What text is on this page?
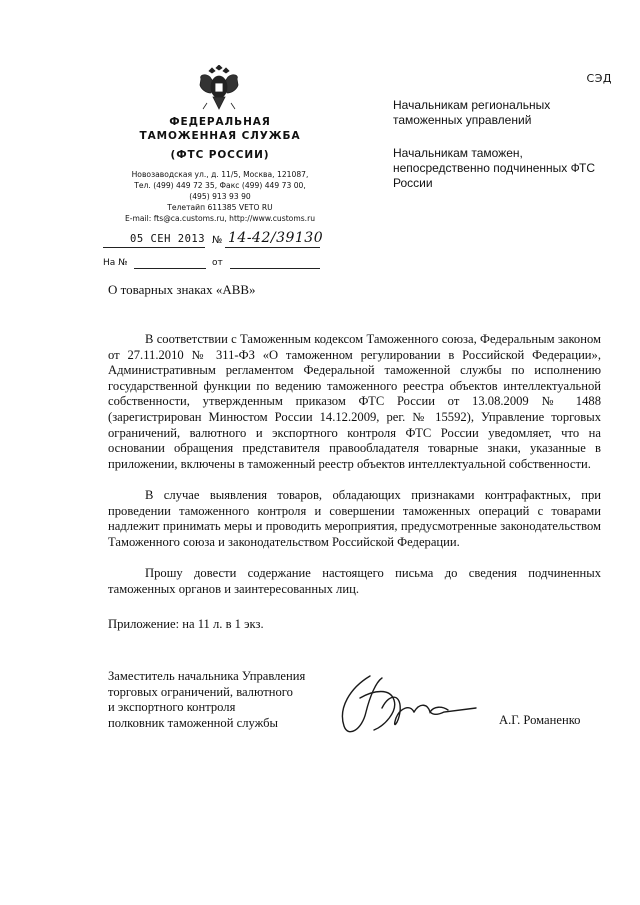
СЭД
ФЕДЕРАЛЬНАЯ
ТАМОЖЕННАЯ СЛУЖБА
(ФТС РОССИИ)
Новозаводская ул., д. 11/5, Москва, 121087,
Тел. (499) 449 72 35, Факс (499) 449 73 00,
(495) 913 93 90
Телетайп 611385 VETO RU
E-mail: fts@ca.customs.ru, http://www.customs.ru
05 СЕН 2013 № 14-42/39130
На №	от
Начальникам региональных таможенных управлений
Начальникам таможен, непосредственно подчиненных ФТС России
О товарных знаках «АВВ»

В соответствии с Таможенным кодексом Таможенного союза, Федеральным законом от 27.11.2010 № 311-ФЗ «О таможенном регулировании в Российской Федерации», Административным регламентом Федеральной таможенной службы по исполнению государственной функции по ведению таможенного реестра объектов интеллектуальной собственности, утвержденным приказом ФТС России от 13.08.2009 № 1488 (зарегистрирован Минюстом России 14.12.2009, рег. № 15592), Управление торговых ограничений, валютного и экспортного контроля ФТС России уведомляет, что на основании обращения представителя правообладателя товарные знаки, указанные в приложении, включены в таможенный реестр объектов интеллектуальной собственности.

В случае выявления товаров, обладающих признаками контрафактных, при проведении таможенного контроля и совершении таможенных операций с товарами надлежит принимать меры и проводить мероприятия, предусмотренные законодательством Таможенного союза и законодательством Российской Федерации.

Прошу довести содержание настоящего письма до сведения подчиненных таможенных органов и заинтересованных лиц.

Приложение: на 11 л. в 1 экз.

Заместитель начальника Управления
торговых ограничений, валютного
и экспортного контроля
полковник таможенной службы	А.Г. Романенко
